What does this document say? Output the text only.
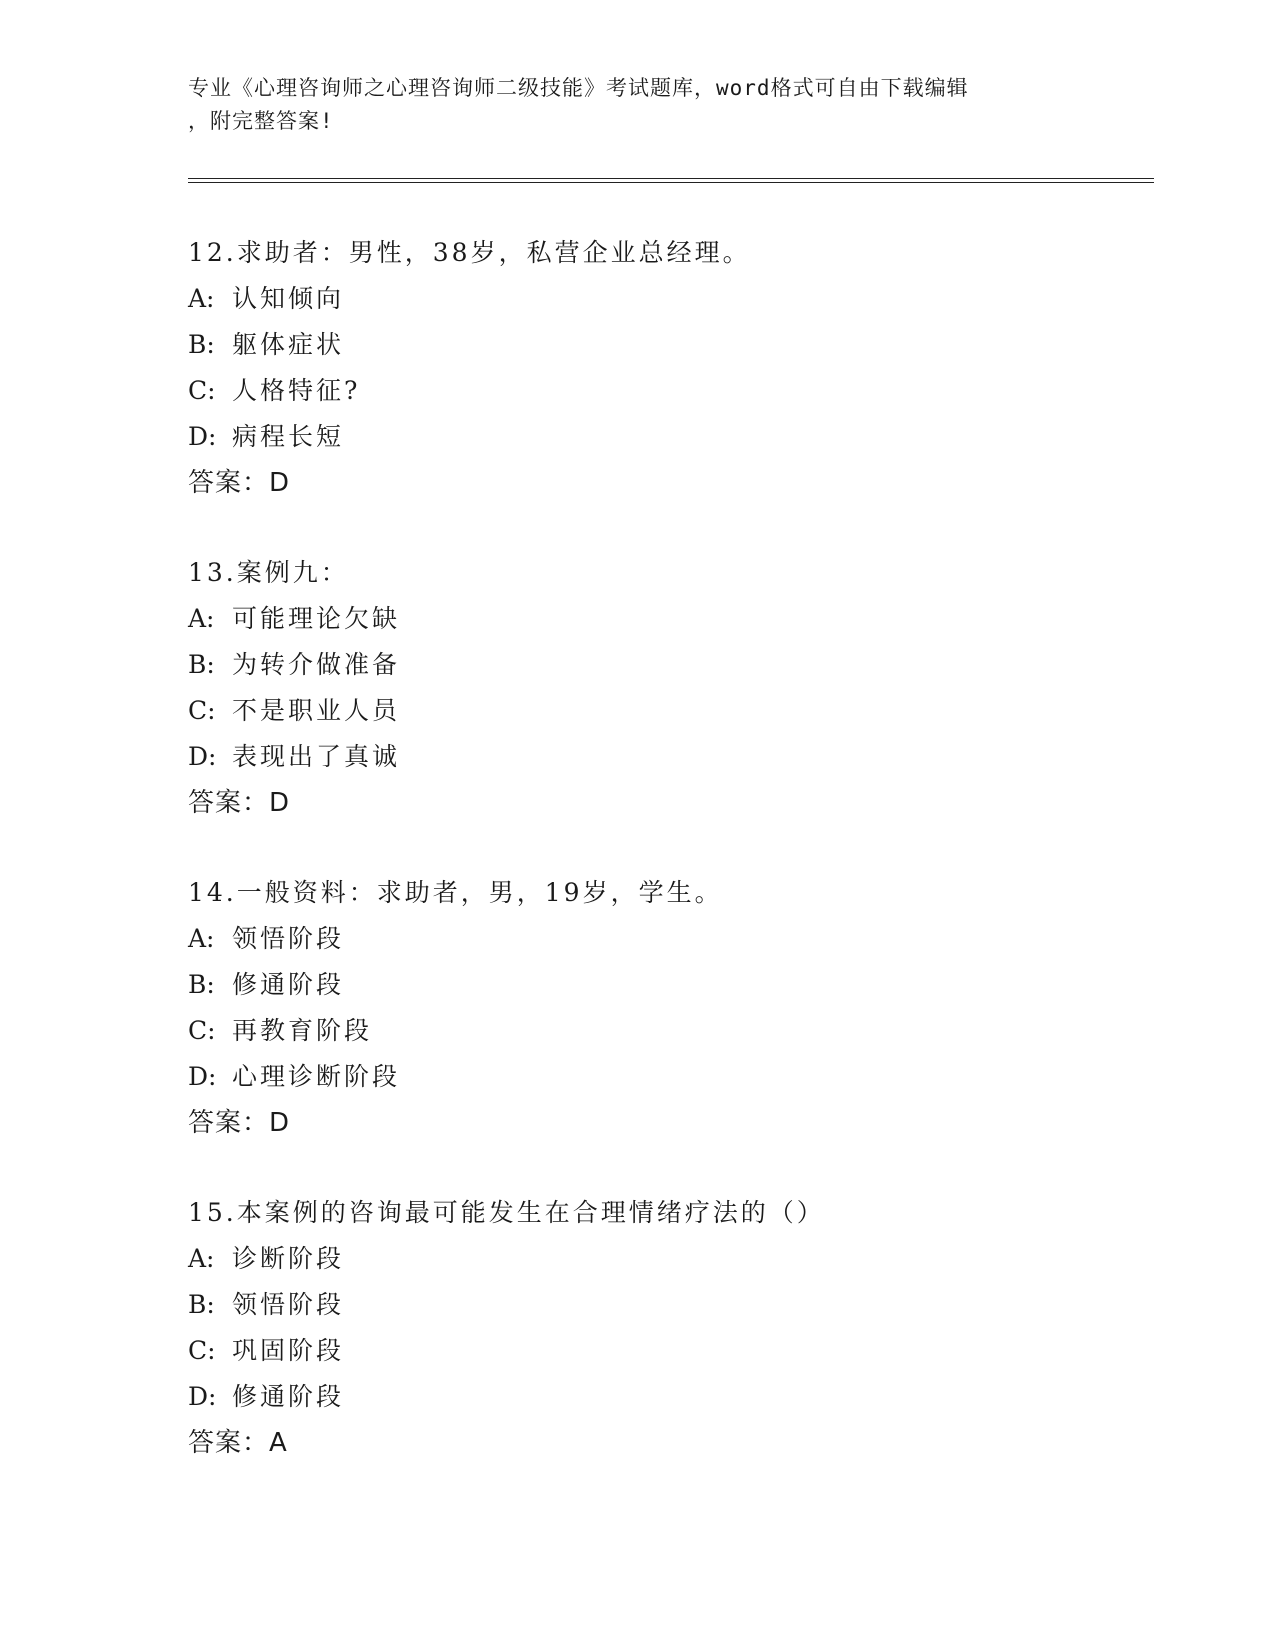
专业《心理咨询师之心理咨询师二级技能》考试题库，word格式可自由下载编辑
，附完整答案!
12.求助者：男性，38岁，私营企业总经理。
A: 认知倾向
B: 躯体症状
C: 人格特征?
D: 病程长短
答案：D
13.案例九：
A: 可能理论欠缺
B: 为转介做准备
C: 不是职业人员
D: 表现出了真诚
答案：D
14.一般资料：求助者，男，19岁，学生。
A: 领悟阶段
B: 修通阶段
C: 再教育阶段
D: 心理诊断阶段
答案：D
15.本案例的咨询最可能发生在合理情绪疗法的（）
A: 诊断阶段
B: 领悟阶段
C: 巩固阶段
D: 修通阶段
答案：A
